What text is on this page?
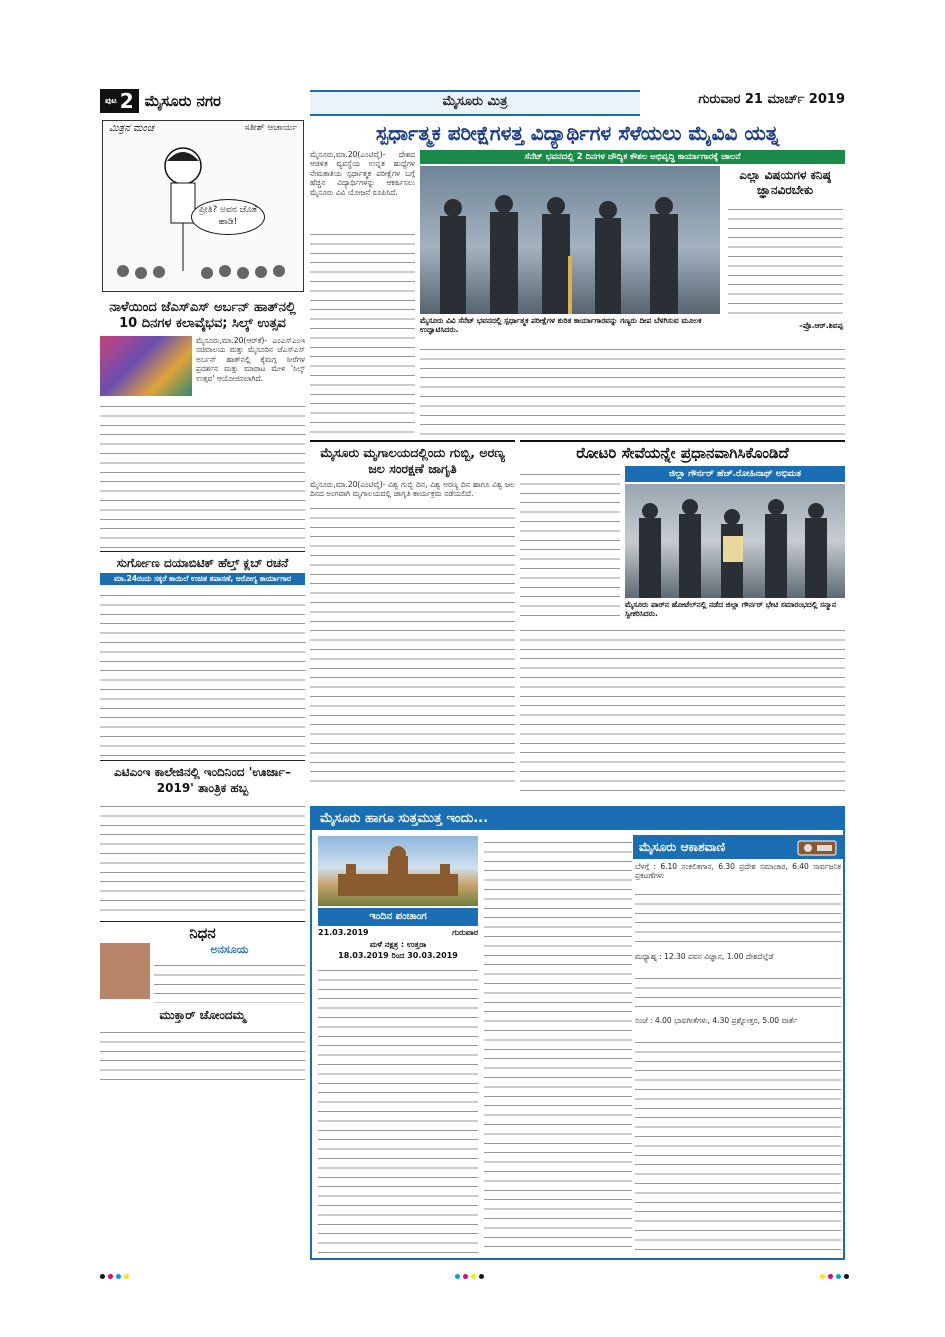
ಪುಟ 2 ಮೈಸೂರು ನಗರ	ಮೈಸೂರು ಮಿತ್ರ	ಗುರುವಾರ 21 ಮಾರ್ಚ್ 2019
ಮಿತ್ರನ ಮಂಚ	ಸತೀಶ್ ಆಚಾರ್ಯ
ಪ್ರೀತಿ? ಅವನ ಜೊತೆ ಹಾಡಿ!
ನಾಳೆಯಿಂದ ಜೆಎಸ್‌ಎಸ್ ಅರ್ಬನ್ ಹಾತ್‌ನಲ್ಲಿ 10 ದಿನಗಳ ಕಲಾವೈಭವ; ಸಿಲ್ಕ್ ಉತ್ಸವ
ಮೈಸೂರು,ಮಾ.20(ಆರ್‌ಕೆ)- ಎಂಎಸ್‌ಎಂಇ ಸಚಿವಾಲಯ ಮತ್ತು ಮೈಸೂರಿನ ಜೆಎಸ್‌ಎಸ್ ಅರ್ಬನ್ ಹಾತ್‌ನಲ್ಲಿ ಕೈಮಗ್ಗ ಸೀರೆಗಳ ಪ್ರದರ್ಶನ ಮತ್ತು ಮಾರಾಟ ಮೇಳ 'ಸಿಲ್ಕ್ ಉತ್ಸವ' ಆಯೋಜಿಸಲಾಗಿದೆ.
ಸುರ್ಗೋಣ ದಯಾಬಿಟಿಕ್ ಹೆಲ್ತ್ ಕ್ಲಬ್ ರಚನೆ
ಮಾ.24ರಂದು ಸಕ್ಕರೆ ಕಾಯಿಲೆ ಉಚಿತ ತಪಾಸಣೆ, ಆರೋಗ್ಯ ಕಾರ್ಯಾಗಾರ
ಎಟಿಎಂಇ ಕಾಲೇಜಿನಲ್ಲಿ ಇಂದಿನಿಂದ 'ಊರ್ಜಾ–2019' ತಾಂತ್ರಿಕ ಹಬ್ಬ
ನಿಧನ
ಅನಸೂಯ
ಮುಕ್ತಾರ್ ಚೋಂದಮ್ಮ
ಸ್ಪರ್ಧಾತ್ಮಕ ಪರೀಕ್ಷೆಗಳತ್ತ ವಿದ್ಯಾರ್ಥಿಗಳ ಸೆಳೆಯಲು ಮೈವಿವಿ ಯತ್ನ
ಸೆನೆಟ್ ಭವನದಲ್ಲಿ 2 ದಿನಗಳ ಜೌದ್ಯಿಕ ಕೌಶಲ ಅಭಿವೃದ್ಧಿ ಕಾರ್ಯಾಗಾರಕ್ಕೆ ಚಾಲನೆ
ಮೈಸೂರು,ಮಾ.20(ಎಂಟಿವೈ)- ದೇಶದ ಆಡಳಿತ ವ್ಯವಸ್ಥೆಯ ಉನ್ನತ ಹುದ್ದೆಗಳ ನೇಮಕಾತಿಯ ಸ್ಪರ್ಧಾತ್ಮಕ ಪರೀಕ್ಷೆಗಳ ಬಗ್ಗೆ ಹೆಚ್ಚಿನ ವಿದ್ಯಾರ್ಥಿಗಳನ್ನು ಆಕರ್ಷಿಸಲು ಮೈಸೂರು ವಿವಿ ಯೋಜನೆ ರೂಪಿಸಿದೆ.
ಮೈಸೂರು ವಿವಿ ಸೆನೆಟ್ ಭವನದಲ್ಲಿ ಸ್ಪರ್ಧಾತ್ಮಕ ಪರೀಕ್ಷೆಗಳ ಕುರಿತ ಕಾರ್ಯಾಗಾರವನ್ನು ಗಣ್ಯರು ದೀಪ ಬೆಳಗಿಸುವ ಮೂಲಕ ಉದ್ಘಾಟಿಸಿದರು.
ಎಲ್ಲಾ ವಿಷಯಗಳ ಕನಿಷ್ಠ ಜ್ಞಾನವಿರಬೇಕು
–ಪ್ರೊ.ಆರ್.ಶಿವಪ್ಪ
ಮೈಸೂರು ಮೃಗಾಲಯದಲ್ಲಿಂದು ಗುಬ್ಬಿ, ಅರಣ್ಯ ಜಲ ಸಂರಕ್ಷಣೆ ಜಾಗೃತಿ
ಮೈಸೂರು,ಮಾ.20(ಎಂಟಿವೈ)- ವಿಶ್ವ ಗುಬ್ಬಿ ದಿನ, ವಿಶ್ವ ಅರಣ್ಯ ದಿನ ಹಾಗೂ ವಿಶ್ವ ಜಲ ದಿನದ ಅಂಗವಾಗಿ ಮೃಗಾಲಯದಲ್ಲಿ ಜಾಗೃತಿ ಕಾರ್ಯಕ್ರಮ ನಡೆಯಲಿದೆ.
ರೋಟರಿ ಸೇವೆಯನ್ನೇ ಪ್ರಧಾನವಾಗಿಸಿಕೊಂಡಿದೆ
ಜಿಲ್ಲಾ ಗೌರ್ನರ್ ಹೆಚ್.ರೋಹಿನಾಥ್ ಅಭಿಮತ
ಮೈಸೂರು ಪಾರ್‌ನ ಹೋಟೆಲ್‌ನಲ್ಲಿ ನಡೆದ ಜಿಲ್ಲಾ ಗೌರ್ನರ್ ಭೇಟಿ ಸಮಾರಂಭದಲ್ಲಿ ಸನ್ಮಾನ ಸ್ವೀಕರಿಸಿದರು.
ಮೈಸೂರು ಹಾಗೂ ಸುತ್ತಮುತ್ತ ಇಂದು...
ಇಂದಿನ ಪಂಚಾಂಗ
21.03.2019	ಗುರುವಾರ
ಮಳೆ ನಕ್ಷತ್ರ : ಉತ್ತರಾ
18.03.2019 ರಿಂದ 30.03.2019
ಮೈಸೂರು ಆಕಾಶವಾಣಿ
ಬೆಳಗ್ಗೆ : 6.10 ಸಂಕಲಿತಗಾನ, 6.30 ಪ್ರದೇಶ ಸಮಾಚಾರ, 6.40 ಸಾರ್ವಜನಿಕ ಪ್ರಕಟಣೆಗಳು
ಮಧ್ಯಾಹ್ನ : 12.30 ಪವನ ವಿಜ್ಞಾನ, 1.00 ದೇಶದೆಲ್ಲೆಡೆ
ಸಂಜೆ : 4.00 ಭಾವಗೀತೆಗಳು, 4.30 ಪ್ರಶ್ನೋತ್ತರ, 5.00 ವಾರ್ತೆ
